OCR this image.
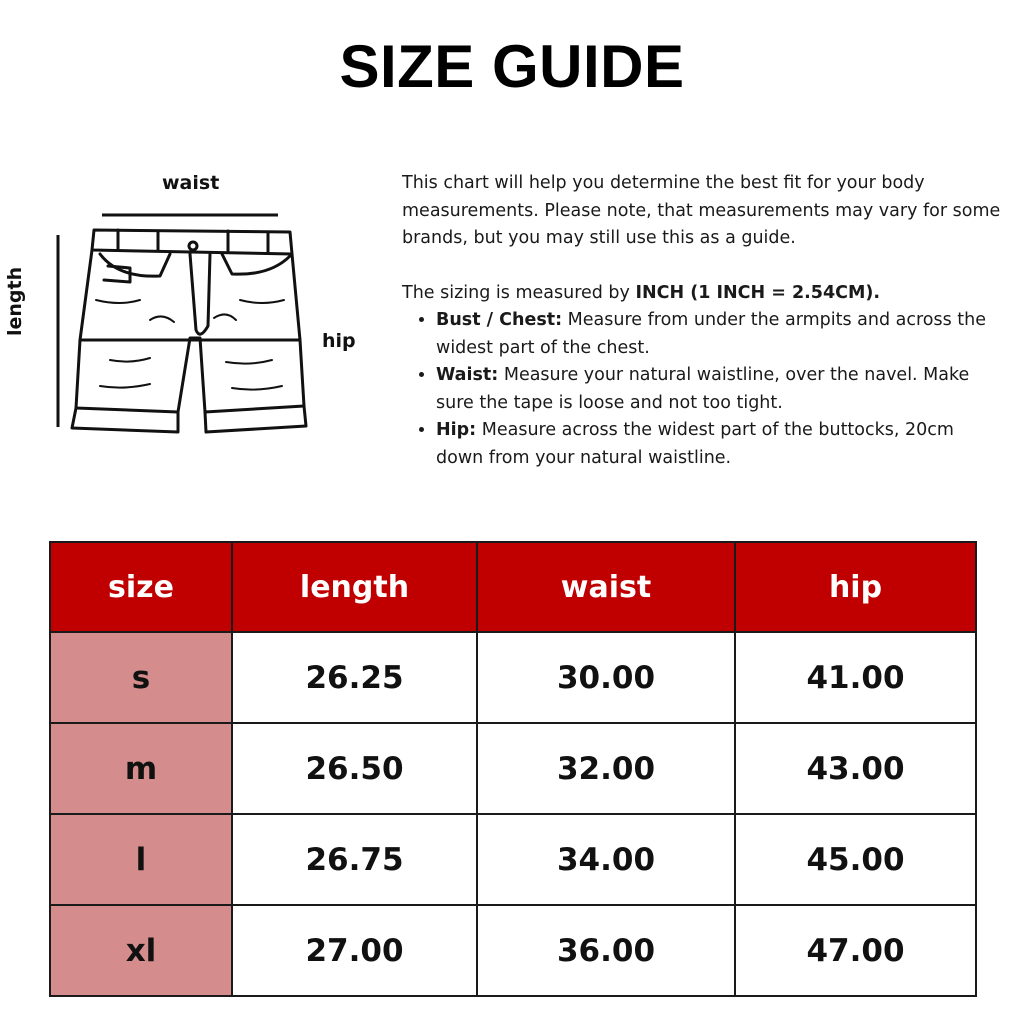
SIZE GUIDE
waist
hip
length

This chart will help you determine the best fit for your body measurements. Please note, that measurements may vary for some brands, but you may still use this as a guide.

The sizing is measured by INCH (1 INCH = 2.54CM).

• Bust / Chest: Measure from under the armpits and across the widest part of the chest.
• Waist: Measure your natural waistline, over the navel. Make sure the tape is loose and not too tight.
• Hip: Measure across the widest part of the buttocks, 20cm down from your natural waistline.
size	length	waist	hip
s	26.25	30.00	41.00
m	26.50	32.00	43.00
l	26.75	34.00	45.00
xl	27.00	36.00	47.00
